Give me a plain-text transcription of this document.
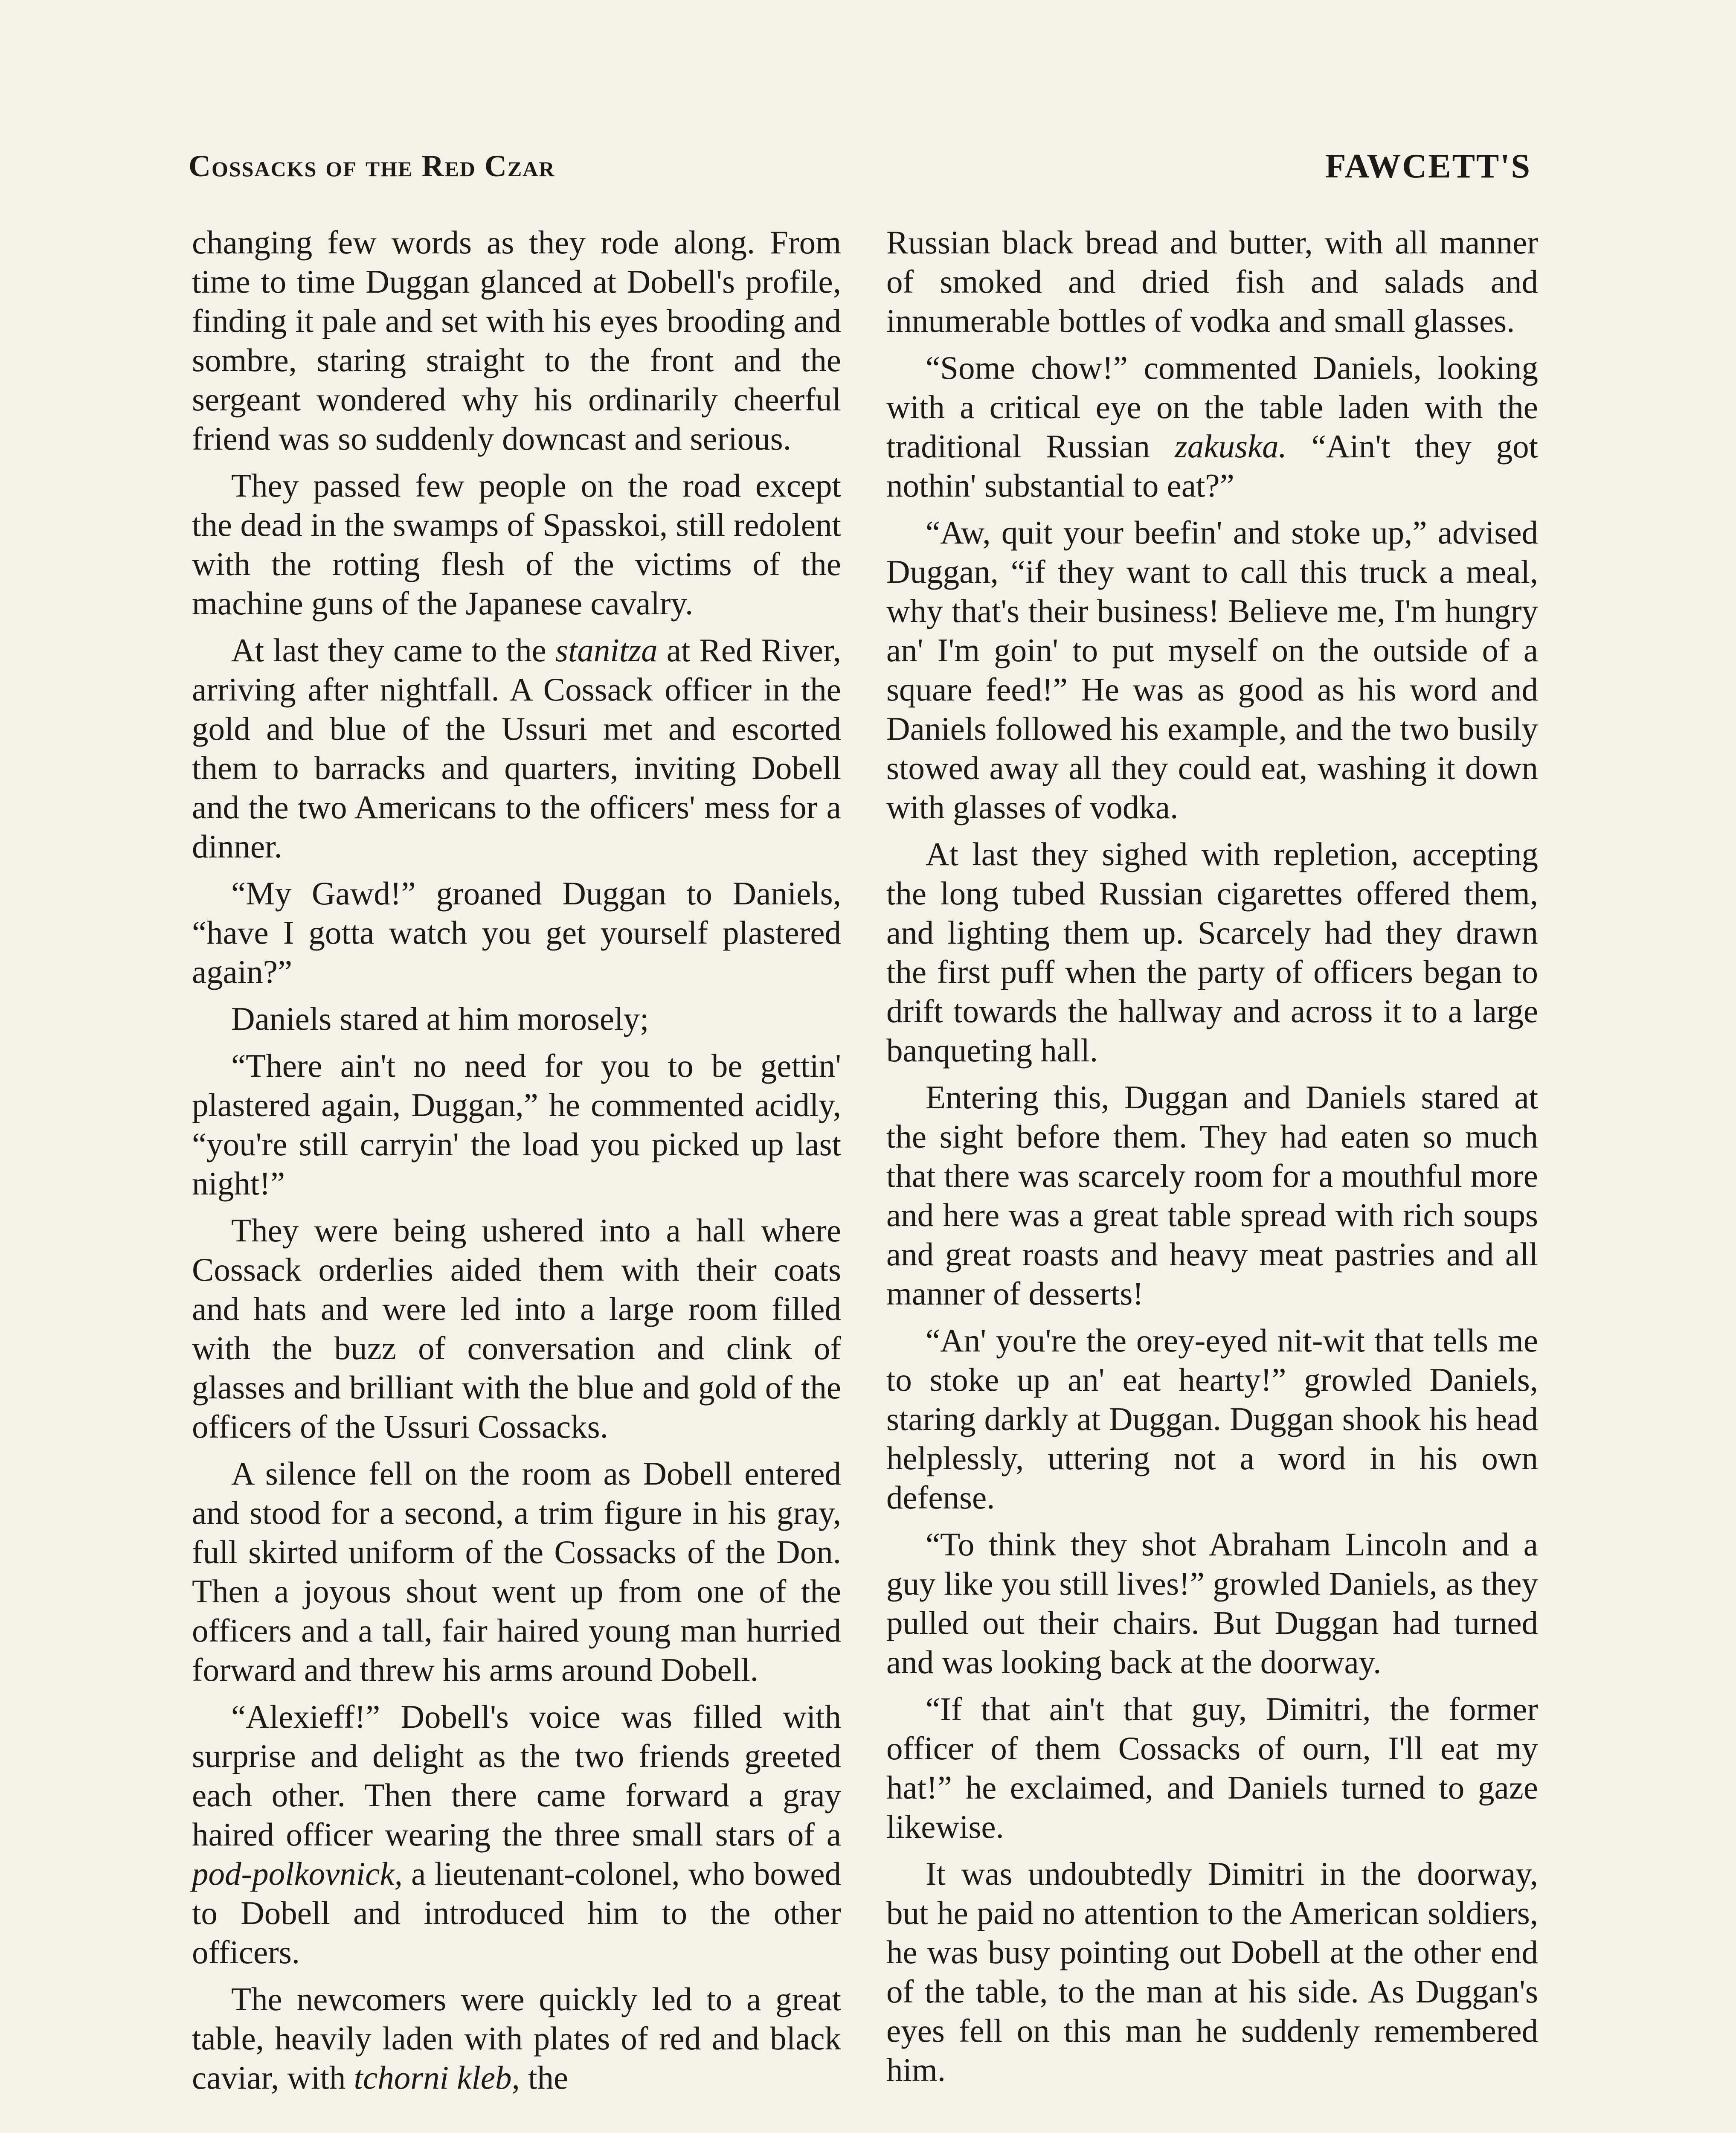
Cossacks of the Red Czar	FAWCETT'S

changing few words as they rode along. From time to time Duggan glanced at Dobell's profile, finding it pale and set with his eyes brooding and sombre, staring straight to the front and the sergeant wondered why his ordinarily cheerful friend was so suddenly downcast and serious.

They passed few people on the road except the dead in the swamps of Spasskoi, still redolent with the rotting flesh of the victims of the machine guns of the Japanese cavalry.

At last they came to the stanitza at Red River, arriving after nightfall. A Cossack officer in the gold and blue of the Ussuri met and escorted them to barracks and quarters, inviting Dobell and the two Americans to the officers' mess for a dinner.

“My Gawd!” groaned Duggan to Daniels, “have I gotta watch you get yourself plastered again?”

Daniels stared at him morosely;

“There ain't no need for you to be gettin' plastered again, Duggan,” he commented acidly, “you're still carryin' the load you picked up last night!”

They were being ushered into a hall where Cossack orderlies aided them with their coats and hats and were led into a large room filled with the buzz of conversation and clink of glasses and brilliant with the blue and gold of the officers of the Ussuri Cossacks.

A silence fell on the room as Dobell entered and stood for a second, a trim figure in his gray, full skirted uniform of the Cossacks of the Don. Then a joyous shout went up from one of the officers and a tall, fair haired young man hurried forward and threw his arms around Dobell.

“Alexieff!” Dobell's voice was filled with surprise and delight as the two friends greeted each other. Then there came forward a gray haired officer wearing the three small stars of a pod-polkovnick, a lieutenant-colonel, who bowed to Dobell and introduced him to the other officers.

The newcomers were quickly led to a great table, heavily laden with plates of red and black caviar, with tchorni kleb, the

Russian black bread and butter, with all manner of smoked and dried fish and salads and innumerable bottles of vodka and small glasses.

“Some chow!” commented Daniels, looking with a critical eye on the table laden with the traditional Russian zakuska. “Ain't they got nothin' substantial to eat?”

“Aw, quit your beefin' and stoke up,” advised Duggan, “if they want to call this truck a meal, why that's their business! Believe me, I'm hungry an' I'm goin' to put myself on the outside of a square feed!” He was as good as his word and Daniels followed his example, and the two busily stowed away all they could eat, washing it down with glasses of vodka.

At last they sighed with repletion, accepting the long tubed Russian cigarettes offered them, and lighting them up. Scarcely had they drawn the first puff when the party of officers began to drift towards the hallway and across it to a large banqueting hall.

Entering this, Duggan and Daniels stared at the sight before them. They had eaten so much that there was scarcely room for a mouthful more and here was a great table spread with rich soups and great roasts and heavy meat pastries and all manner of desserts!

“An' you're the orey-eyed nit-wit that tells me to stoke up an' eat hearty!” growled Daniels, staring darkly at Duggan. Duggan shook his head helplessly, uttering not a word in his own defense.

“To think they shot Abraham Lincoln and a guy like you still lives!” growled Daniels, as they pulled out their chairs. But Duggan had turned and was looking back at the doorway.

“If that ain't that guy, Dimitri, the former officer of them Cossacks of ourn, I'll eat my hat!” he exclaimed, and Daniels turned to gaze likewise.

It was undoubtedly Dimitri in the doorway, but he paid no attention to the American soldiers, he was busy pointing out Dobell at the other end of the table, to the man at his side. As Duggan's eyes fell on this man he suddenly remembered him.
